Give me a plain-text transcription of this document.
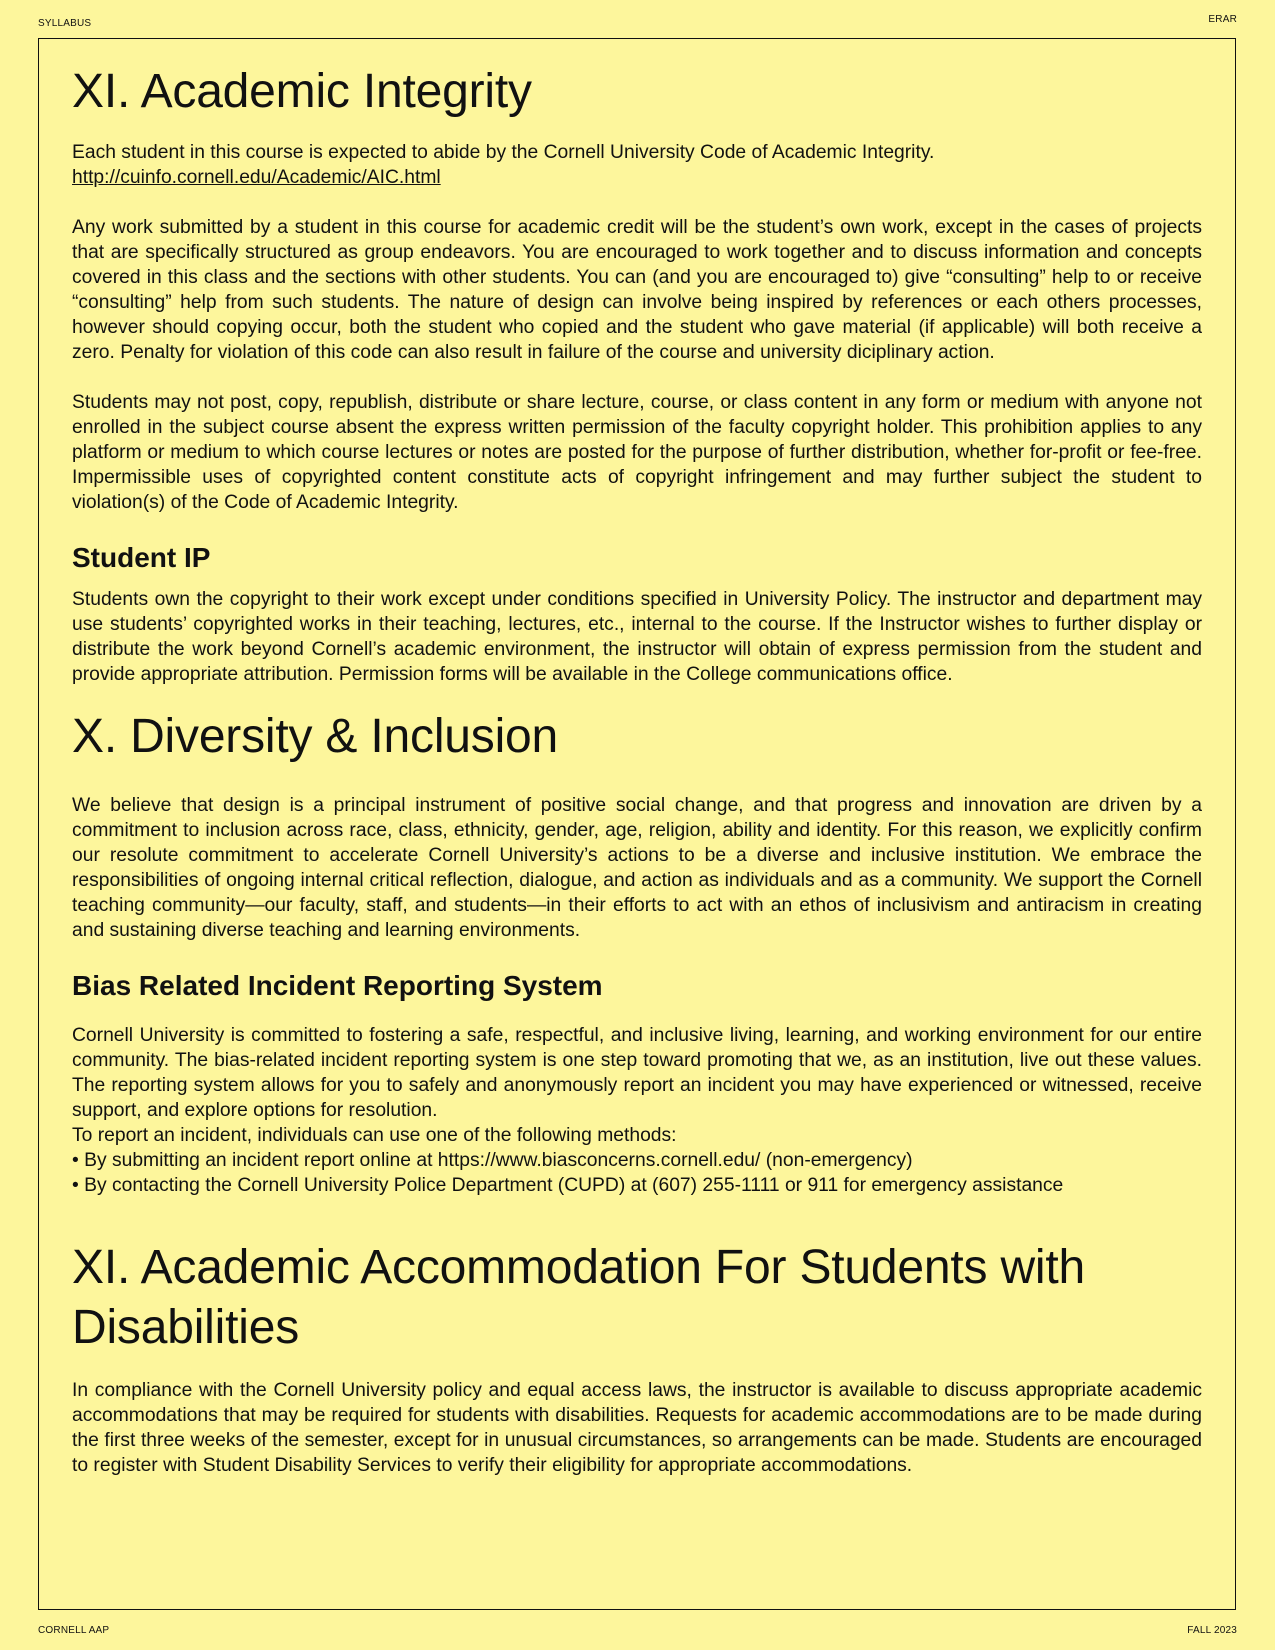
SYLLABUS	ERAR
CORNELL AAP	FALL 2023
XI. Academic Integrity

Each student in this course is expected to abide by the Cornell University Code of Academic Integrity. http://cuinfo.cornell.edu/Academic/AIC.html

Any work submitted by a student in this course for academic credit will be the student’s own work, except in the cases of projects that are specifically structured as group endeavors. You are encouraged to work together and to discuss information and concepts covered in this class and the sections with other students. You can (and you are encouraged to) give “consulting” help to or receive “consulting” help from such students. The nature of design can involve being inspired by references or each others processes, however should copying occur, both the student who copied and the student who gave material (if applicable) will both receive a zero. Penalty for violation of this code can also result in failure of the course and university diciplinary action.

Students may not post, copy, republish, distribute or share lecture, course, or class content in any form or medium with anyone not enrolled in the subject course absent the express written permission of the faculty copyright holder. This prohibition applies to any platform or medium to which course lectures or notes are posted for the purpose of further distribution, whether for-profit or fee-free. Impermissible uses of copyrighted content constitute acts of copyright infringement and may further subject the student to violation(s) of the Code of Academic Integrity.

Student IP

Students own the copyright to their work except under conditions specified in University Policy. The instructor and department may use students’ copyrighted works in their teaching, lectures, etc., internal to the course. If the Instructor wishes to further display or distribute the work beyond Cornell’s academic environment, the instructor will obtain of express permission from the student and provide appropriate attribution. Permission forms will be available in the College communications office.

X. Diversity & Inclusion

We believe that design is a principal instrument of positive social change, and that progress and innovation are driven by a commitment to inclusion across race, class, ethnicity, gender, age, religion, ability and identity. For this reason, we explicitly confirm our resolute commitment to accelerate Cornell University’s actions to be a diverse and inclusive institution. We embrace the responsibilities of ongoing internal critical reflection, dialogue, and action as individuals and as a community. We support the Cornell teaching community—our faculty, staff, and students—in their efforts to act with an ethos of inclusivism and antiracism in creating and sustaining diverse teaching and learning environments.

Bias Related Incident Reporting System

Cornell University is committed to fostering a safe, respectful, and inclusive living, learning, and working environment for our entire community. The bias-related incident reporting system is one step toward promoting that we, as an institution, live out these values. The reporting system allows for you to safely and anonymously report an incident you may have experienced or witnessed, receive support, and explore options for resolution.

To report an incident, individuals can use one of the following methods:

• By submitting an incident report online at https://www.biasconcerns.cornell.edu/ (non-emergency)

• By contacting the Cornell University Police Department (CUPD) at (607) 255-1111 or 911 for emergency assistance

XI. Academic Accommodation For Students with Disabilities

In compliance with the Cornell University policy and equal access laws, the instructor is available to discuss appropriate academic accommodations that may be required for students with disabilities. Requests for academic accommodations are to be made during the first three weeks of the semester, except for in unusual circumstances, so arrangements can be made. Students are encouraged to register with Student Disability Services to verify their eligibility for appropriate accommodations.
